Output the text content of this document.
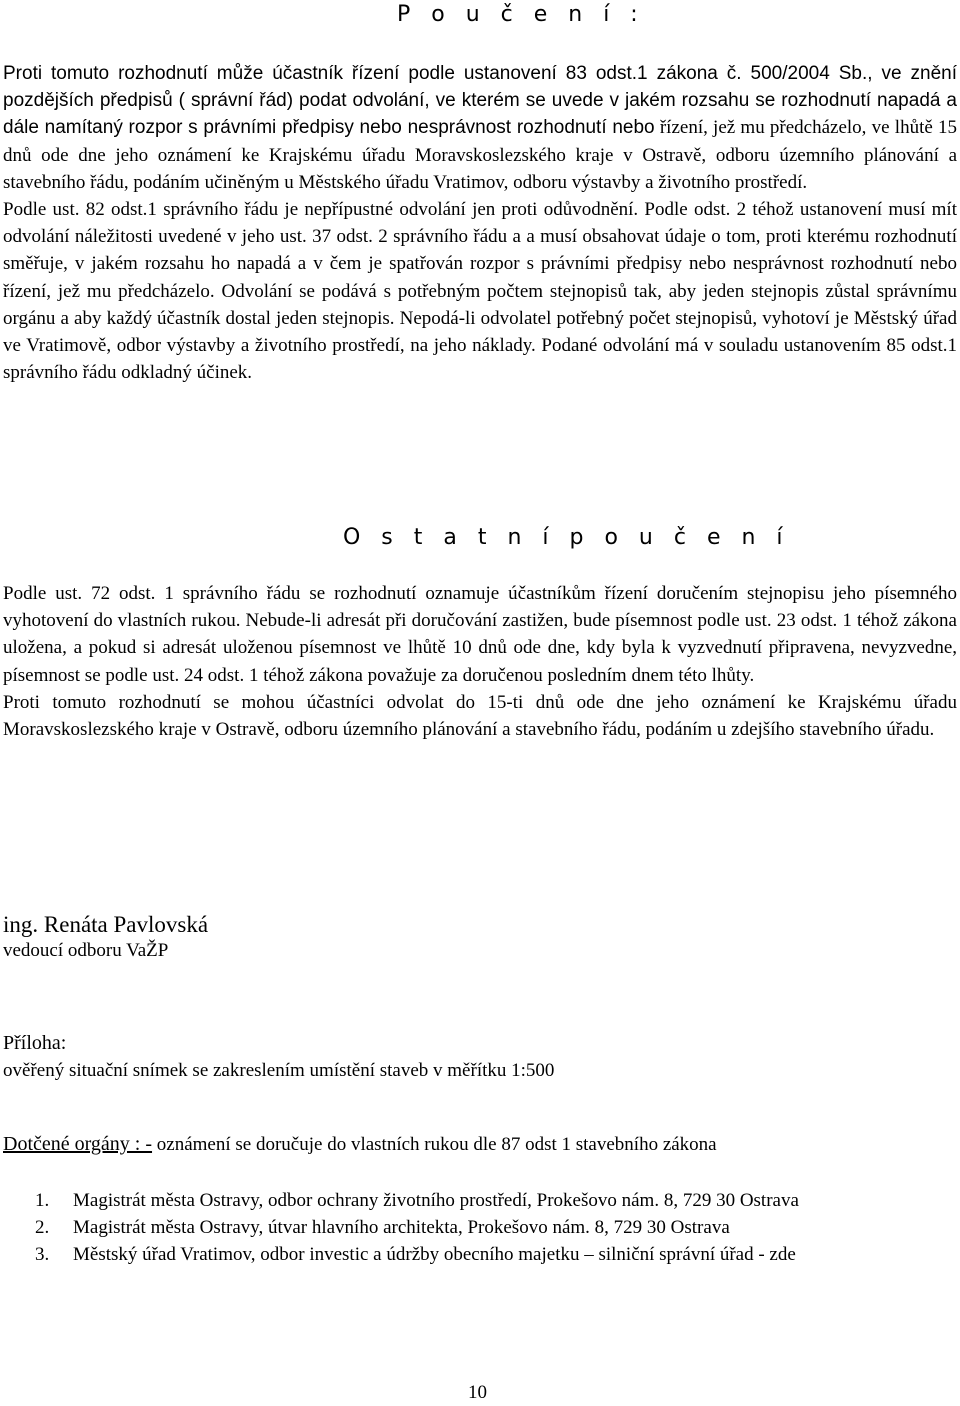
P o u č e n í :

Proti tomuto rozhodnutí může účastník řízení podle ustanovení 83 odst.1 zákona č. 500/2004 Sb., ve znění pozdějších předpisů ( správní řád) podat odvolání, ve kterém se uvede v jakém rozsahu se rozhodnutí napadá a dále namítaný rozpor s právními předpisy nebo nesprávnost rozhodnutí nebo řízení, jež mu předcházelo, ve lhůtě 15 dnů ode dne jeho oznámení ke Krajskému úřadu Moravskoslezského kraje v Ostravě, odboru územního plánování a stavebního řádu, podáním učiněným u Městského úřadu Vratimov, odboru výstavby a životního prostředí.

Podle ust. 82 odst.1 správního řádu je nepřípustné odvolání jen proti odůvodnění. Podle odst. 2 téhož ustanovení musí mít odvolání náležitosti uvedené v jeho ust. 37 odst. 2 správního řádu a a musí obsahovat údaje o tom, proti kterému rozhodnutí směřuje, v jakém rozsahu ho napadá a v čem je spatřován rozpor s právními předpisy nebo nesprávnost rozhodnutí nebo řízení, jež mu předcházelo. Odvolání se podává s potřebným počtem stejnopisů tak, aby jeden stejnopis zůstal správnímu orgánu a aby každý účastník dostal jeden stejnopis. Nepodá-li odvolatel potřebný počet stejnopisů, vyhotoví je Městský úřad ve Vratimově, odbor výstavby a životního prostředí, na jeho náklady. Podané odvolání má v souladu ustanovením 85 odst.1 správního řádu odkladný účinek.

O s t a t n í p o u č e n í

Podle ust. 72 odst. 1 správního řádu se rozhodnutí oznamuje účastníkům řízení doručením stejnopisu jeho písemného vyhotovení do vlastních rukou. Nebude-li adresát při doručování zastižen, bude písemnost podle ust. 23 odst. 1 téhož zákona uložena, a pokud si adresát uloženou písemnost ve lhůtě 10 dnů ode dne, kdy byla k vyzvednutí připravena, nevyzvedne, písemnost se podle ust. 24 odst. 1 téhož zákona považuje za doručenou posledním dnem této lhůty.

Proti tomuto rozhodnutí se mohou účastníci odvolat do 15-ti dnů ode dne jeho oznámení ke Krajskému úřadu Moravskoslezského kraje v Ostravě, odboru územního plánování a stavebního řádu, podáním u zdejšího stavebního úřadu.

ing. Renáta Pavlovská
vedoucí odboru VaŽP
Příloha:
ověřený situační snímek se zakreslením umístění staveb v měřítku 1:500
Dotčené orgány : - oznámení se doručuje do vlastních rukou dle 87 odst 1 stavebního zákona
1. Magistrát města Ostravy, odbor ochrany životního prostředí, Prokešovo nám. 8, 729 30 Ostrava
2. Magistrát města Ostravy, útvar hlavního architekta, Prokešovo nám. 8, 729 30 Ostrava
3. Městský úřad Vratimov, odbor investic a údržby obecního majetku – silniční správní úřad - zde
10
